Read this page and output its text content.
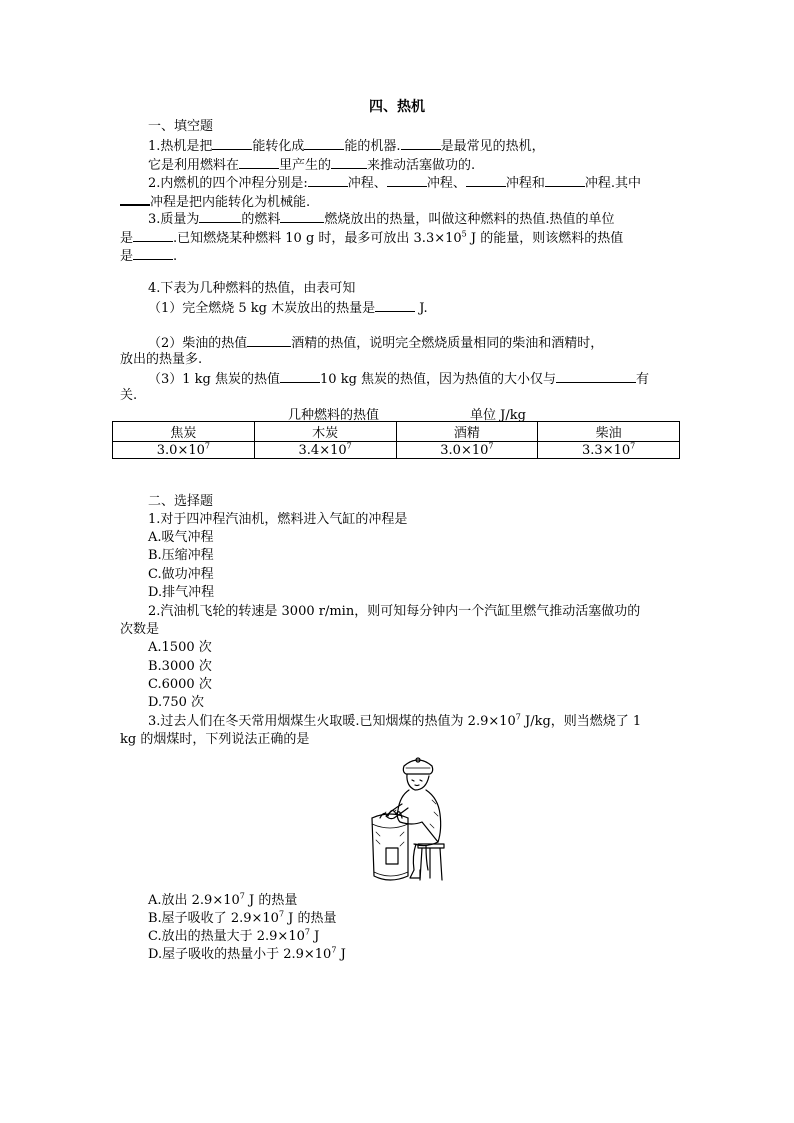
四、热机
一、填空题
1.热机是把	能转化成	能的机器.	是最常见的热机，
它是利用燃料在	里产生的	来推动活塞做功的.
2.内燃机的四个冲程分别是:	冲程、	冲程、	冲程和	冲程.其中
冲程是把内能转化为机械能.
3.质量为	的燃料	燃烧放出的热量，叫做这种燃料的热值.热值的单位
是	.已知燃烧某种燃料 10 g 时，最多可放出 $3.3\times 10^5$ J 的能量，则该燃料的热值
是	.
4.下表为几种燃料的热值，由表可知
（1）完全燃烧 5 kg 木炭放出的热量是	J.
（2）柴油的热值	酒精的热值，说明完全燃烧质量相同的柴油和酒精时，
放出的热量多.
（3）1 kg 焦炭的热值	10 kg 焦炭的热值，因为热值的大小仅与	有
关.
几种燃料的热值	单位 J/kg
焦炭	木炭	酒精	柴油
$3.0\times 10^7$	$3.4\times 10^7$	$3.0\times 10^7$	$3.3\times 10^7$
二、选择题
1.对于四冲程汽油机，燃料进入气缸的冲程是
A.吸气冲程
B.压缩冲程
C.做功冲程
D.排气冲程
2.汽油机飞轮的转速是 3000 r/min，则可知每分钟内一个汽缸里燃气推动活塞做功的
次数是
A.1500 次
B.3000 次
C.6000 次
D.750 次
3.过去人们在冬天常用烟煤生火取暖.已知烟煤的热值为 $2.9\times 10^7$ J/kg，则当燃烧了 1
kg 的烟煤时，下列说法正确的是
A.放出 $2.9\times 10^7$ J 的热量
B.屋子吸收了 $2.9\times 10^7$ J 的热量
C.放出的热量大于 $2.9\times 10^7$ J
D.屋子吸收的热量小于 $2.9\times 10^7$ J
